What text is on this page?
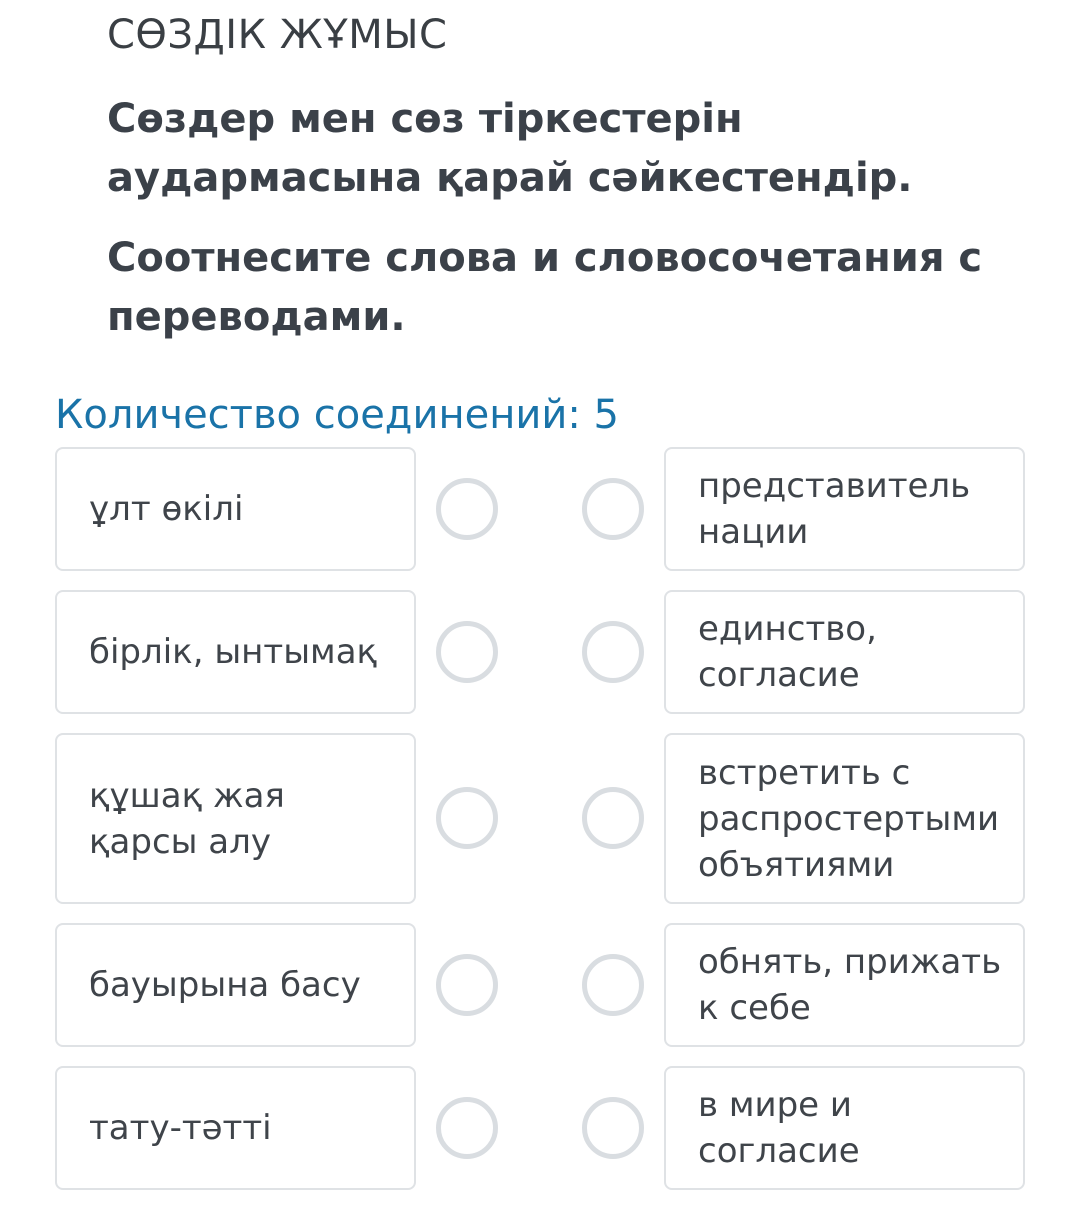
СӨЗДІК ЖҰМЫС

Сөздер мен сөз тіркестерін аудармасына қарай сәйкестендір.

Соотнесите слова и словосочетания с переводами.

Количество соединений: 5
ұлт өкілі
представитель нации
бірлік, ынтымақ
единство, согласие
құшақ жая қарсы алу
встретить с распростертыми объятиями
бауырына басу
обнять, прижать к себе
тату-тәтті
в мире и согласие
